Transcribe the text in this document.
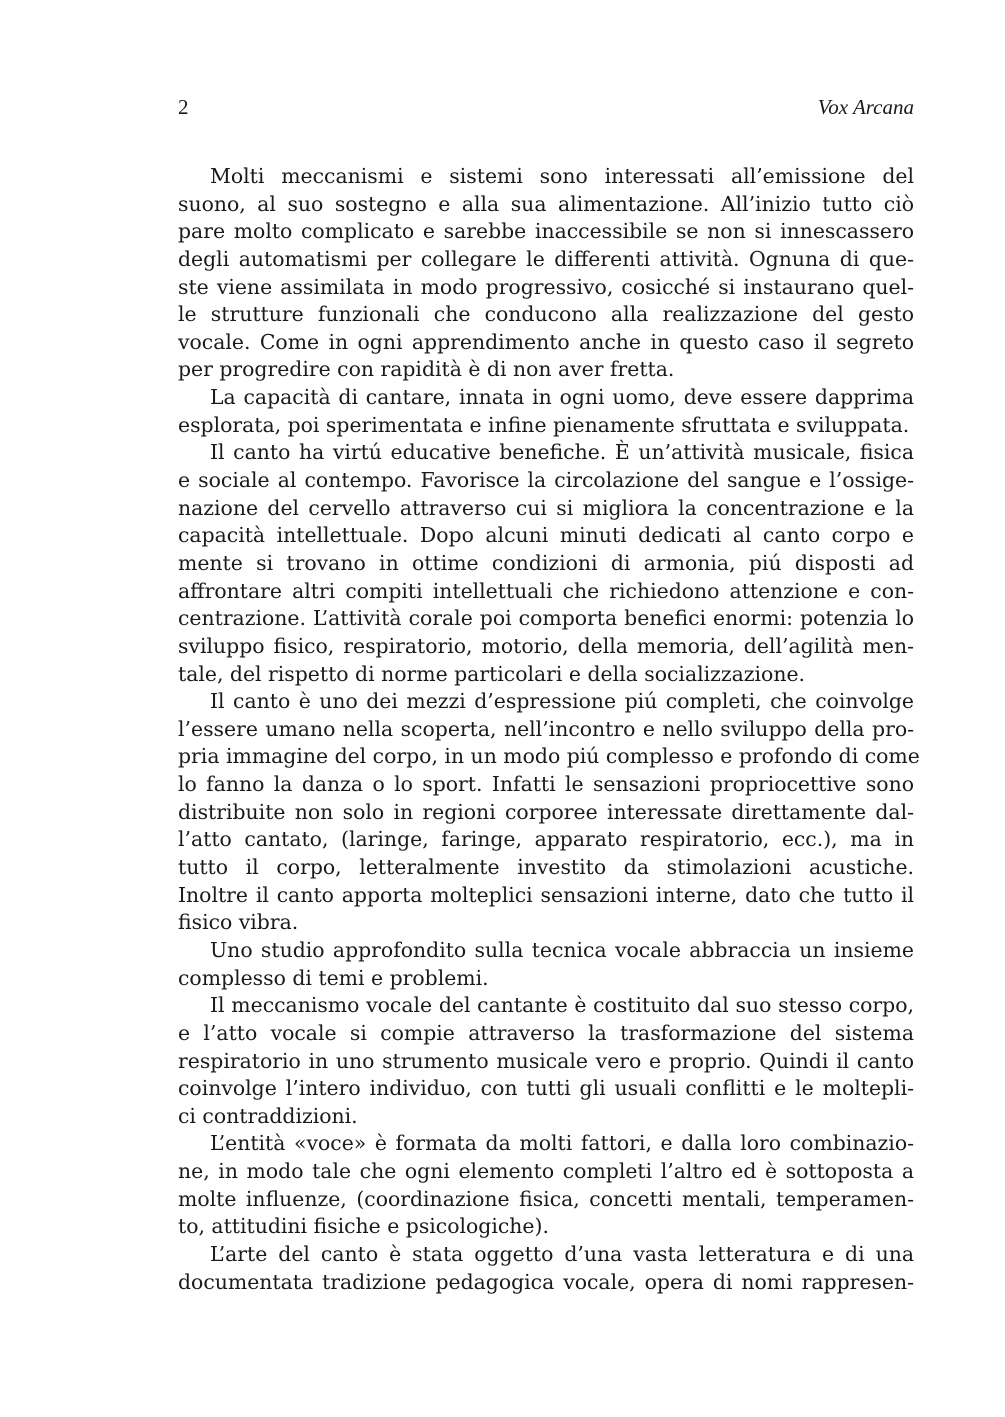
2	Vox Arcana
Molti meccanismi e sistemi sono interessati all’emissione del
suono, al suo sostegno e alla sua alimentazione. All’inizio tutto ciò
pare molto complicato e sarebbe inaccessibile se non si innescassero
degli automatismi per collegare le differenti attività. Ognuna di que-
ste viene assimilata in modo progressivo, cosicché si instaurano quel-
le strutture funzionali che conducono alla realizzazione del gesto
vocale. Come in ogni apprendimento anche in questo caso il segreto
per progredire con rapidità è di non aver fretta.
La capacità di cantare, innata in ogni uomo, deve essere dapprima
esplorata, poi sperimentata e infine pienamente sfruttata e sviluppata.
Il canto ha virtú educative benefiche. È un’attività musicale, fisica
e sociale al contempo. Favorisce la circolazione del sangue e l’ossige-
nazione del cervello attraverso cui si migliora la concentrazione e la
capacità intellettuale. Dopo alcuni minuti dedicati al canto corpo e
mente si trovano in ottime condizioni di armonia, piú disposti ad
affrontare altri compiti intellettuali che richiedono attenzione e con-
centrazione. L’attività corale poi comporta benefici enormi: potenzia lo
sviluppo fisico, respiratorio, motorio, della memoria, dell’agilità men-
tale, del rispetto di norme particolari e della socializzazione.
Il canto è uno dei mezzi d’espressione piú completi, che coinvolge
l’essere umano nella scoperta, nell’incontro e nello sviluppo della pro-
pria immagine del corpo, in un modo piú complesso e profondo di come
lo fanno la danza o lo sport. Infatti le sensazioni propriocettive sono
distribuite non solo in regioni corporee interessate direttamente dal-
l’atto cantato, (laringe, faringe, apparato respiratorio, ecc.), ma in
tutto il corpo, letteralmente investito da stimolazioni acustiche.
Inoltre il canto apporta molteplici sensazioni interne, dato che tutto il
fisico vibra.
Uno studio approfondito sulla tecnica vocale abbraccia un insieme
complesso di temi e problemi.
Il meccanismo vocale del cantante è costituito dal suo stesso corpo,
e l’atto vocale si compie attraverso la trasformazione del sistema
respiratorio in uno strumento musicale vero e proprio. Quindi il canto
coinvolge l’intero individuo, con tutti gli usuali conflitti e le moltepli-
ci contraddizioni.
L’entità «voce» è formata da molti fattori, e dalla loro combinazio-
ne, in modo tale che ogni elemento completi l’altro ed è sottoposta a
molte influenze, (coordinazione fisica, concetti mentali, temperamen-
to, attitudini fisiche e psicologiche).
L’arte del canto è stata oggetto d’una vasta letteratura e di una
documentata tradizione pedagogica vocale, opera di nomi rappresen-
